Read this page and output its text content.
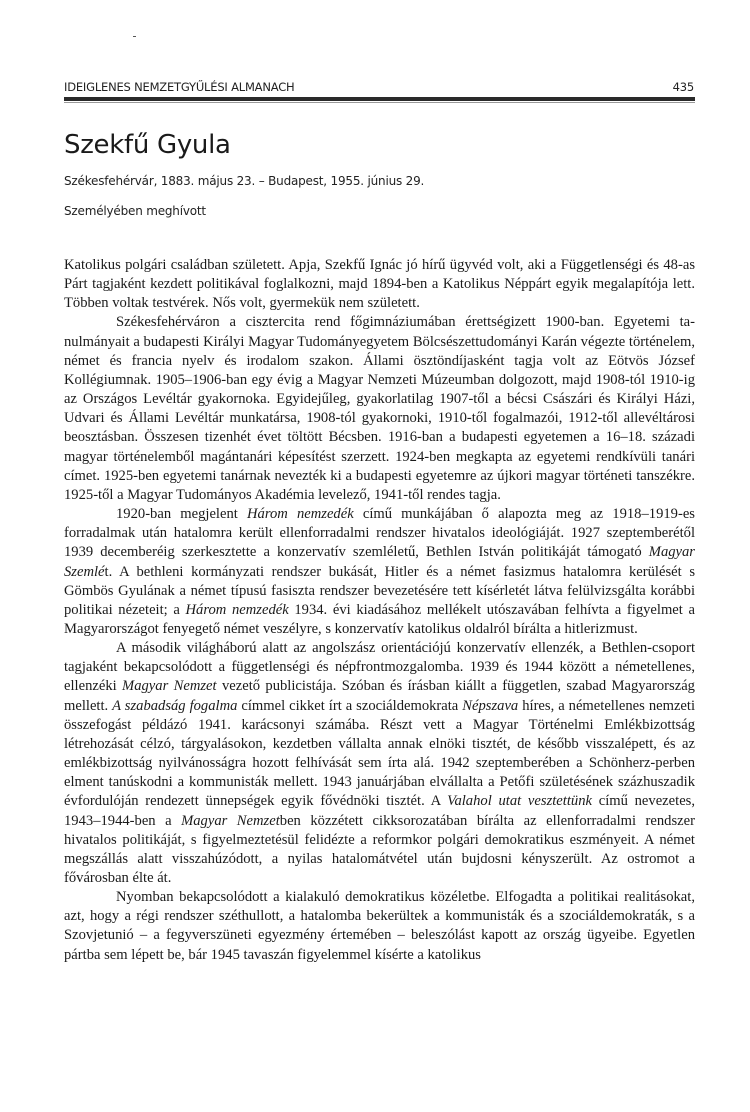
IDEIGLENES NEMZETGYŰLÉSI ALMANACH	435
Szekfű Gyula
Székesfehérvár, 1883. május 23. – Budapest, 1955. június 29.
Személyében meghívott

Katolikus polgári családban született. Apja, Szekfű Ignác jó hírű ügyvéd volt, aki a Függetlenségi és 48-as Párt tagjaként kezdett politikával foglalkozni, majd 1894-ben a Katolikus Néppárt egyik megalapítója lett. Többen voltak testvérek. Nős volt, gyermekük nem született.

Székesfehérváron a cisztercita rend főgimnáziumában érettségizett 1900-ban. Egyetemi tanulmányait a budapesti Királyi Magyar Tudományegyetem Bölcsészettudományi Karán végezte történelem, német és francia nyelv és irodalom szakon. Állami ösztöndíjasként tagja volt az Eötvös József Kollégiumnak. 1905–1906-ban egy évig a Magyar Nemzeti Múzeumban dolgozott, majd 1908-tól 1910-ig az Országos Levéltár gyakornoka. Egyidejűleg, gyakorlatilag 1907-től a bécsi Császári és Királyi Házi, Udvari és Állami Levéltár munkatársa, 1908-tól gyakornoki, 1910-től fogalmazói, 1912-től allevéltárosi beosztásban. Összesen tizenhét évet töltött Bécsben. 1916-ban a budapesti egyetemen a 16–18. századi magyar történelemből magántanári képesítést szerzett. 1924-ben megkapta az egyetemi rendkívüli tanári címet. 1925-ben egyetemi tanárnak nevezték ki a budapesti egyetemre az újkori magyar történeti tanszékre. 1925-től a Magyar Tudományos Akadémia levelező, 1941-től rendes tagja.

1920-ban megjelent Három nemzedék című munkájában ő alapozta meg az 1918–1919-es forradalmak után hatalomra került ellenforradalmi rendszer hivatalos ideológiáját. 1927 szeptemberétől 1939 decemberéig szerkesztette a konzervatív szemléletű, Bethlen István politikáját támogató Magyar Szemlét. A bethleni kormányzati rendszer bukását, Hitler és a német fasizmus hatalomra kerülését s Gömbös Gyulának a német típusú fasiszta rendszer bevezetésére tett kísérletét látva felülvizsgálta korábbi politikai nézeteit; a Három nemzedék 1934. évi kiadásához mellékelt utószavában felhívta a figyelmet a Magyarországot fenyegető német veszélyre, s konzervatív katolikus oldalról bírálta a hitlerizmust.

A második világháború alatt az angolszász orientációjú konzervatív ellenzék, a Bethlen-csoport tagjaként bekapcsolódott a függetlenségi és népfrontmozgalomba. 1939 és 1944 között a németellenes, ellenzéki Magyar Nemzet vezető publicistája. Szóban és írásban kiállt a független, szabad Magyarország mellett. A szabadság fogalma címmel cikket írt a szociáldemokrata Népszava híres, a németellenes nemzeti összefogást példázó 1941. karácsonyi számába. Részt vett a Magyar Történelmi Emlékbizottság létrehozását célzó, tárgyalásokon, kezdetben vállalta annak elnöki tisztét, de később visszalépett, és az emlékbizottság nyilvánosságra hozott felhívását sem írta alá. 1942 szeptemberében a Schönherz-perben elment tanúskodni a kommunisták mellett. 1943 januárjában elvállalta a Petőfi születésének százhuszadik évfordulóján rendezett ünnepségek egyik fővédnöki tisztét. A Valahol utat vesztettünk című nevezetes, 1943–1944-ben a Magyar Nemzetben közzétett cikksorozatában bírálta az ellenforradalmi rendszer hivatalos politikáját, s figyelmeztetésül felidézte a reformkor polgári demokratikus eszményeit. A német megszállás alatt visszahúzódott, a nyilas hatalomátvétel után bujdosni kényszerült. Az ostromot a fővárosban élte át.

Nyomban bekapcsolódott a kialakuló demokratikus közéletbe. Elfogadta a politikai realitásokat, azt, hogy a régi rendszer széthullott, a hatalomba bekerültek a kommunisták és a szociáldemokraták, s a Szovjetunió – a fegyverszüneti egyezmény értemében – beleszólást kapott az ország ügyeibe. Egyetlen pártba sem lépett be, bár 1945 tavaszán figyelemmel kísérte a katolikus
